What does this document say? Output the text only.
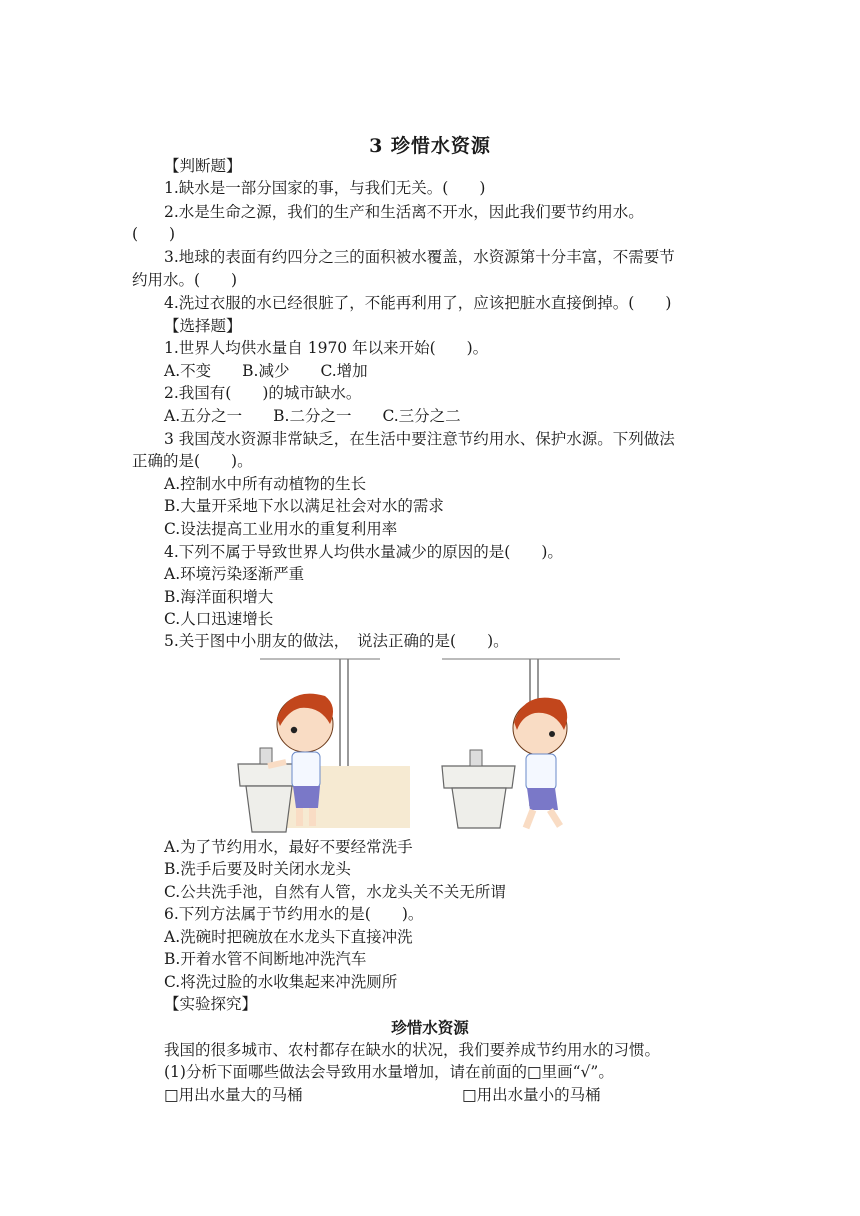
3 珍惜水资源
【判断题】
1.缺水是一部分国家的事，与我们无关。(　　)
2.水是生命之源，我们的生产和生活离不开水，因此我们要节约用水。
(　　)
3.地球的表面有约四分之三的面积被水覆盖，水资源第十分丰富，不需要节
约用水。(　　)
4.洗过衣服的水已经很脏了，不能再利用了，应该把脏水直接倒掉。(　　)
【选择题】
1.世界人均供水量自 1970 年以来开始(　　)。
A.不变　　B.减少　　C.增加
2.我国有(　　)的城市缺水。
A.五分之一　　B.二分之一　　C.三分之二
3 我国茂水资源非常缺乏，在生活中要注意节约用水、保护水源。下列做法
正确的是(　　)。
A.控制水中所有动植物的生长
B.大量开采地下水以满足社会对水的需求
C.设法提高工业用水的重复利用率
4.下列不属于导致世界人均供水量减少的原因的是(　　)。
A.环境污染逐渐严重
B.海洋面积增大
C.人口迅速增长
5.关于图中小朋友的做法，　说法正确的是(　　)。
A.为了节约用水，最好不要经常洗手
B.洗手后要及时关闭水龙头
C.公共洗手池，自然有人管，水龙头关不关无所谓
6.下列方法属于节约用水的是(　　)。
A.洗碗时把碗放在水龙头下直接冲洗
B.开着水管不间断地冲洗汽车
C.将洗过脸的水收集起来冲洗厕所
【实验探究】
珍惜水资源
我国的很多城市、农村都存在缺水的状况，我们要养成节约用水的习惯。
(1)分析下面哪些做法会导致用水量增加，请在前面的□里画“√”。
□用出水量大的马桶	□用出水量小的马桶
